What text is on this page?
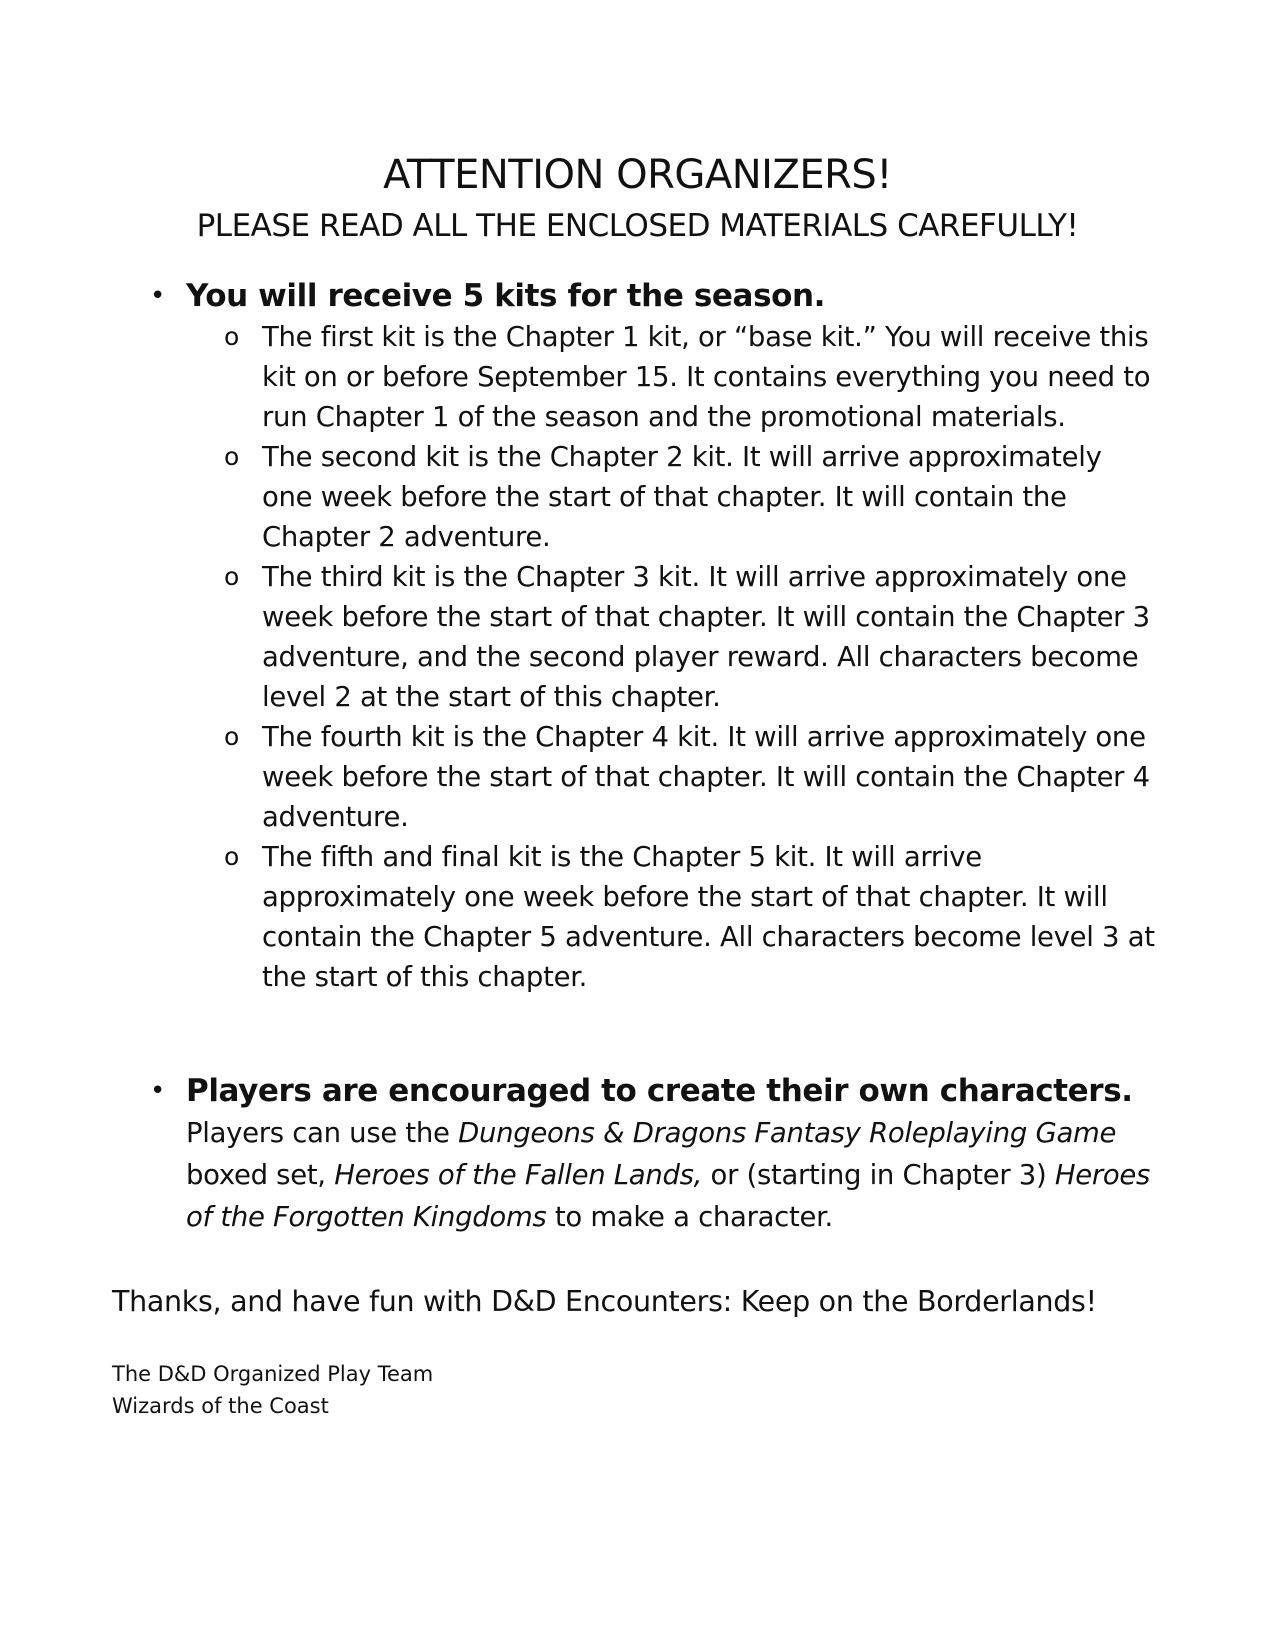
ATTENTION ORGANIZERS!
PLEASE READ ALL THE ENCLOSED MATERIALS CAREFULLY!
• You will receive 5 kits for the season.
o The first kit is the Chapter 1 kit, or “base kit.” You will receive this kit on or before September 15. It contains everything you need to run Chapter 1 of the season and the promotional materials.
o The second kit is the Chapter 2 kit. It will arrive approximately one week before the start of that chapter. It will contain the Chapter 2 adventure.
o The third kit is the Chapter 3 kit. It will arrive approximately one week before the start of that chapter. It will contain the Chapter 3 adventure, and the second player reward. All characters become level 2 at the start of this chapter.
o The fourth kit is the Chapter 4 kit. It will arrive approximately one week before the start of that chapter. It will contain the Chapter 4 adventure.
o The fifth and final kit is the Chapter 5 kit. It will arrive approximately one week before the start of that chapter. It will contain the Chapter 5 adventure. All characters become level 3 at the start of this chapter.
• Players are encouraged to create their own characters.
Players can use the Dungeons & Dragons Fantasy Roleplaying Game boxed set, Heroes of the Fallen Lands, or (starting in Chapter 3) Heroes of the Forgotten Kingdoms to make a character.
Thanks, and have fun with D&D Encounters: Keep on the Borderlands!
The D&D Organized Play Team
Wizards of the Coast
